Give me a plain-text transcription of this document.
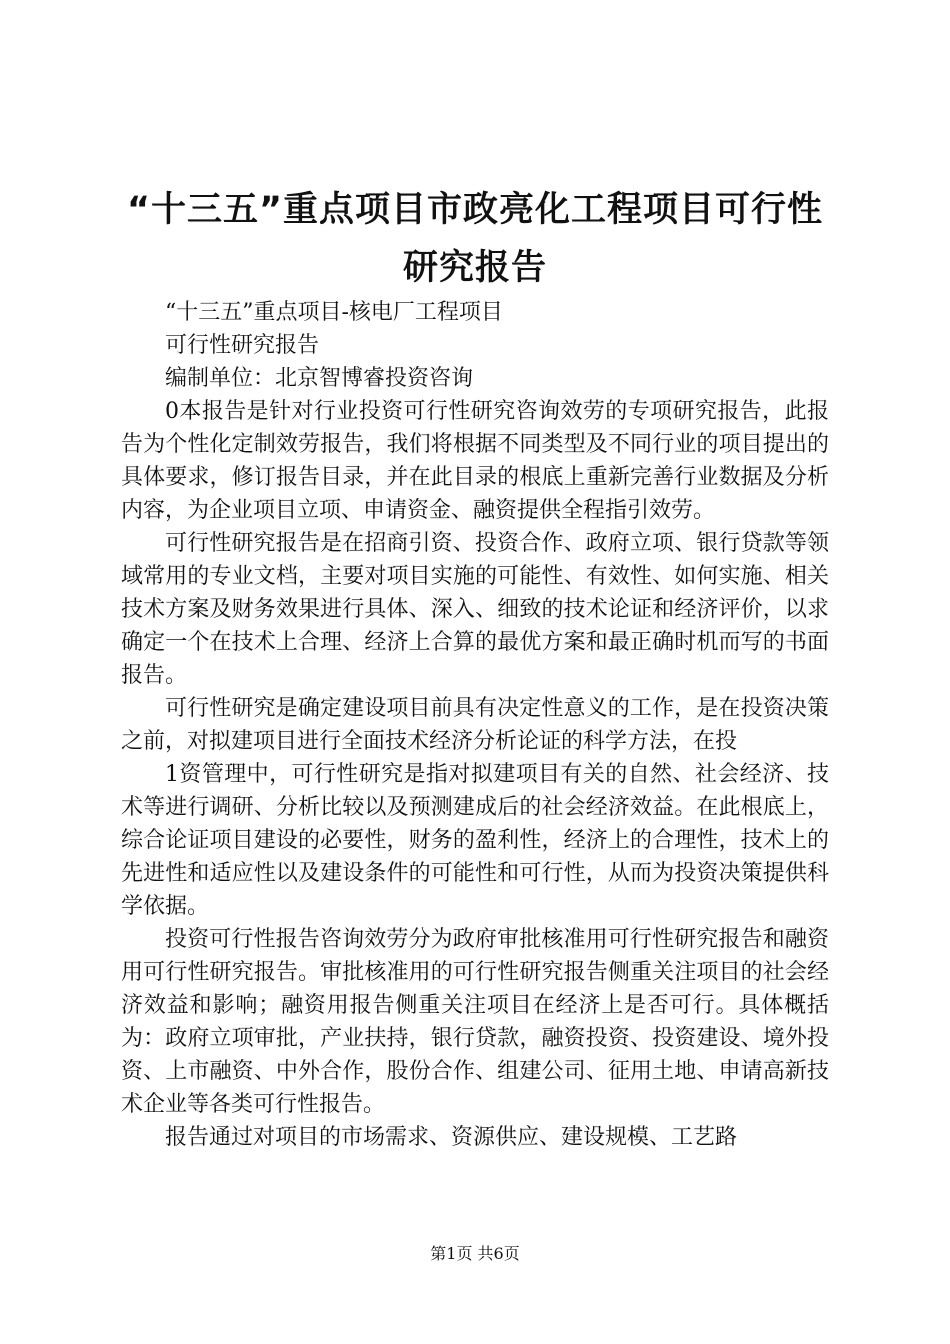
“十三五”重点项目市政亮化工程项目可行性
研究报告

“十三五”重点项目-核电厂工程项目

可行性研究报告

编制单位：北京智博睿投资咨询

0本报告是针对行业投资可行性研究咨询效劳的专项研究报告，此报告为个性化定制效劳报告，我们将根据不同类型及不同行业的项目提出的具体要求，修订报告目录，并在此目录的根底上重新完善行业数据及分析内容，为企业项目立项、申请资金、融资提供全程指引效劳。

可行性研究报告是在招商引资、投资合作、政府立项、银行贷款等领域常用的专业文档，主要对项目实施的可能性、有效性、如何实施、相关技术方案及财务效果进行具体、深入、细致的技术论证和经济评价，以求确定一个在技术上合理、经济上合算的最优方案和最正确时机而写的书面报告。

可行性研究是确定建设项目前具有决定性意义的工作，是在投资决策之前，对拟建项目进行全面技术经济分析论证的科学方法，在投

1资管理中，可行性研究是指对拟建项目有关的自然、社会经济、技术等进行调研、分析比较以及预测建成后的社会经济效益。在此根底上，综合论证项目建设的必要性，财务的盈利性，经济上的合理性，技术上的先进性和适应性以及建设条件的可能性和可行性，从而为投资决策提供科学依据。

投资可行性报告咨询效劳分为政府审批核准用可行性研究报告和融资用可行性研究报告。审批核准用的可行性研究报告侧重关注项目的社会经济效益和影响；融资用报告侧重关注项目在经济上是否可行。具体概括为：政府立项审批，产业扶持，银行贷款，融资投资、投资建设、境外投资、上市融资、中外合作，股份合作、组建公司、征用土地、申请高新技术企业等各类可行性报告。

报告通过对项目的市场需求、资源供应、建设规模、工艺路

第1页 共6页
